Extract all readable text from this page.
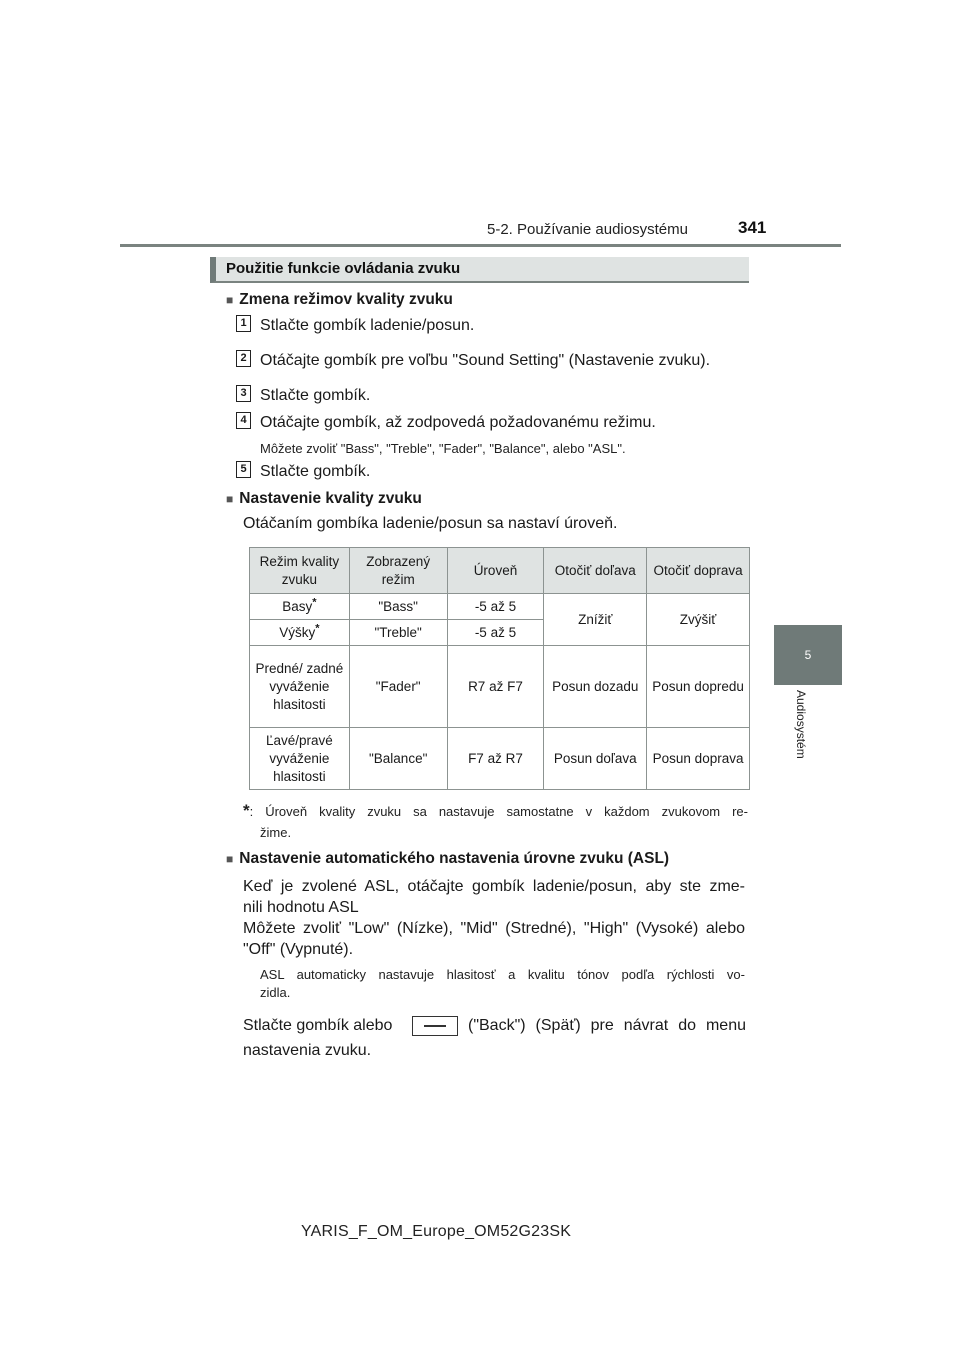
5-2. Používanie audiosystému	341
5
Audiosystém
Použitie funkcie ovládania zvuku
■ Zmena režimov kvality zvuku
1 Stlačte gombík ladenie/posun.
2 Otáčajte gombík pre voľbu "Sound Setting" (Nastavenie zvuku).
3 Stlačte gombík.
4 Otáčajte gombík, až zodpovedá požadovanému režimu.
Môžete zvoliť "Bass", "Treble", "Fader", "Balance", alebo "ASL".
5 Stlačte gombík.
■ Nastavenie kvality zvuku
Otáčaním gombíka ladenie/posun sa nastaví úroveň.
Režim kvality zvuku	Zobrazený režim	Úroveň	Otočiť doľava	Otočiť doprava
Basy*	"Bass"	-5 až 5	Znížiť	Zvýšiť
Výšky*	"Treble"	-5 až 5		
Predné/ zadné vyváženie hlasitosti	"Fader"	R7 až F7	Posun dozadu	Posun dopredu
Ľavé/pravé vyváženie hlasitosti	"Balance"	F7 až R7	Posun doľava	Posun doprava
*: Úroveň kvality zvuku sa nastavuje samostatne v každom zvukovom re-
žime.
■ Nastavenie automatického nastavenia úrovne zvuku (ASL)
Keď je zvolené ASL, otáčajte gombík ladenie/posun, aby ste zme-
nili hodnotu ASL
Môžete zvoliť "Low" (Nízke), "Mid" (Stredné), "High" (Vysoké) alebo
"Off" (Vypnuté).
ASL automaticky nastavuje hlasitosť a kvalitu tónov podľa rýchlosti vo-
zidla.
Stlačte gombík alebo	("Back") (Späť) pre návrat do menu
nastavenia zvuku.
YARIS_F_OM_Europe_OM52G23SK
